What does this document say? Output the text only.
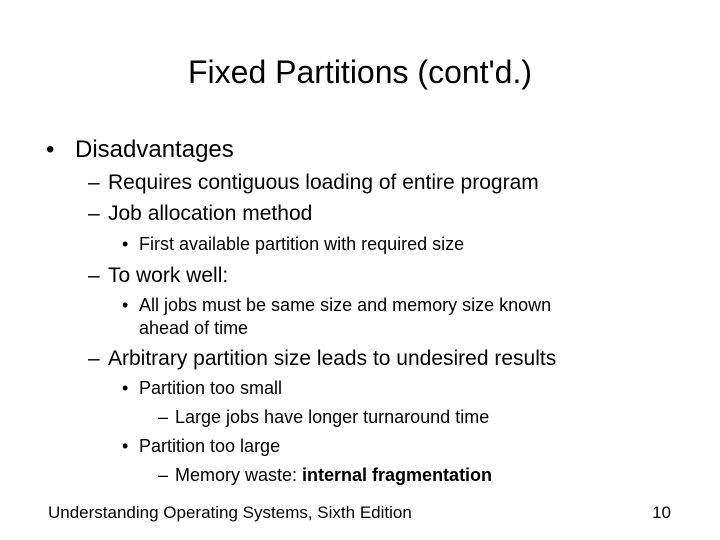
Fixed Partitions (cont'd.)
• Disadvantages
– Requires contiguous loading of entire program
– Job allocation method
• First available partition with required size
– To work well:
• All jobs must be same size and memory size known
ahead of time
– Arbitrary partition size leads to undesired results
• Partition too small
– Large jobs have longer turnaround time
• Partition too large
– Memory waste: internal fragmentation
Understanding Operating Systems, Sixth Edition	10
